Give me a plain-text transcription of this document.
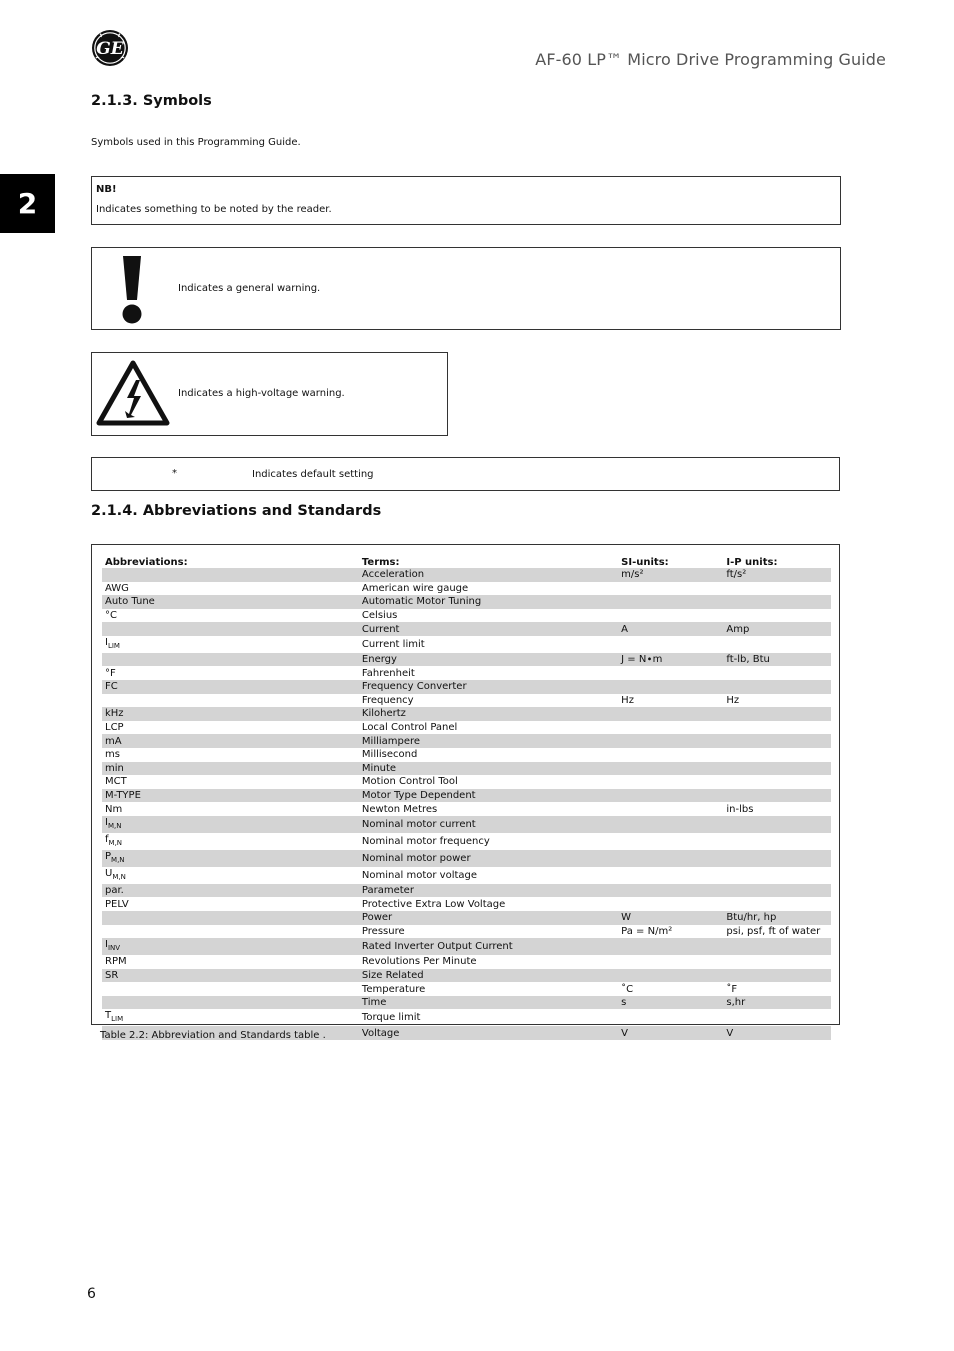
GE
AF-60 LP™ Micro Drive Programming Guide
2
2.1.3. Symbols
Symbols used in this Programming Guide.
NB!
Indicates something to be noted by the reader.
Indicates a general warning.
Indicates a high-voltage warning.
*	Indicates default setting
2.1.4. Abbreviations and Standards
Abbreviations:	Terms:	SI-units:	I-P units:
	Acceleration	m/s²	ft/s²
AWG	American wire gauge		
Auto Tune	Automatic Motor Tuning		
°C	Celsius		
	Current	A	Amp
$I_{LIM}$	Current limit		
	Energy	J = N∙m	ft-lb, Btu
°F	Fahrenheit		
FC	Frequency Converter		
	Frequency	Hz	Hz
kHz	Kilohertz		
LCP	Local Control Panel		
mA	Milliampere		
ms	Millisecond		
min	Minute		
MCT	Motion Control Tool		
M-TYPE	Motor Type Dependent		
Nm	Newton Metres		in-lbs
$I_{M,N}$	Nominal motor current		
$f_{M,N}$	Nominal motor frequency		
$P_{M,N}$	Nominal motor power		
$U_{M,N}$	Nominal motor voltage		
par.	Parameter		
PELV	Protective Extra Low Voltage		
	Power	W	Btu/hr, hp
	Pressure	Pa = N/m²	psi, psf, ft of water
$I_{INV}$	Rated Inverter Output Current		
RPM	Revolutions Per Minute		
SR	Size Related		
	Temperature	˚C	˚F
	Time	s	s,hr
$T_{LIM}$	Torque limit		
	Voltage	V	V
Table 2.2: Abbreviation and Standards table .
6
